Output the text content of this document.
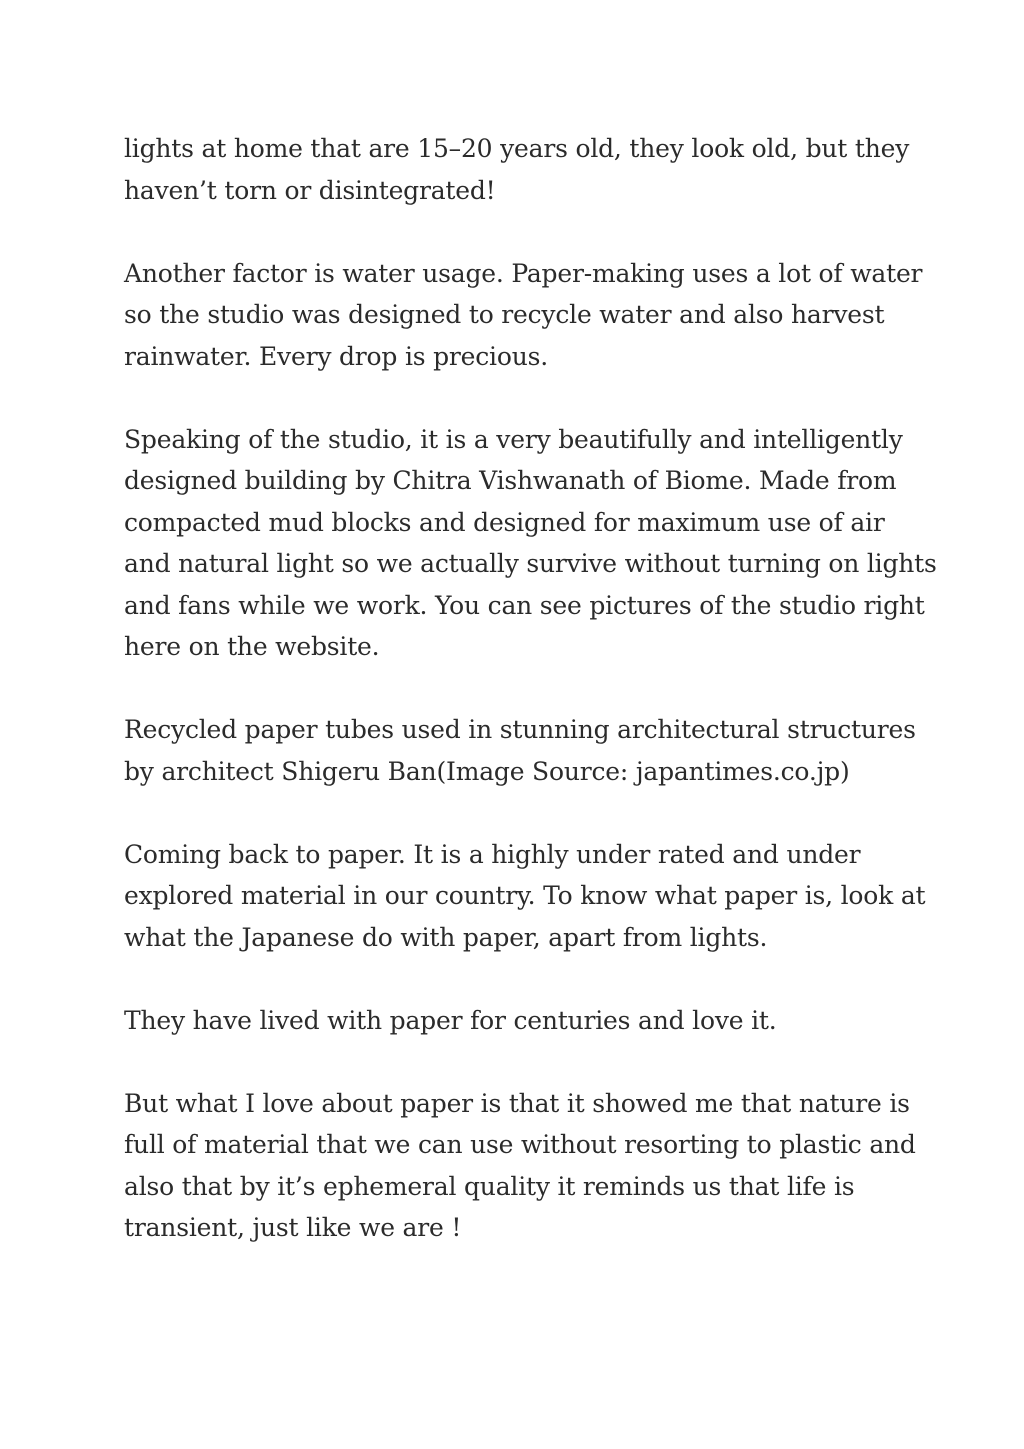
lights at home that are 15–20 years old, they look old, but they
haven’t torn or disintegrated!

Another factor is water usage. Paper-making uses a lot of water
so the studio was designed to recycle water and also harvest
rainwater. Every drop is precious.

Speaking of the studio, it is a very beautifully and intelligently
designed building by Chitra Vishwanath of Biome. Made from
compacted mud blocks and designed for maximum use of air
and natural light so we actually survive without turning on lights
and fans while we work. You can see pictures of the studio right
here on the website.

Recycled paper tubes used in stunning architectural structures
by architect Shigeru Ban(Image Source: japantimes.co.jp)

Coming back to paper. It is a highly under rated and under
explored material in our country. To know what paper is, look at
what the Japanese do with paper, apart from lights.

They have lived with paper for centuries and love it.

But what I love about paper is that it showed me that nature is
full of material that we can use without resorting to plastic and
also that by it’s ephemeral quality it reminds us that life is
transient, just like we are !
